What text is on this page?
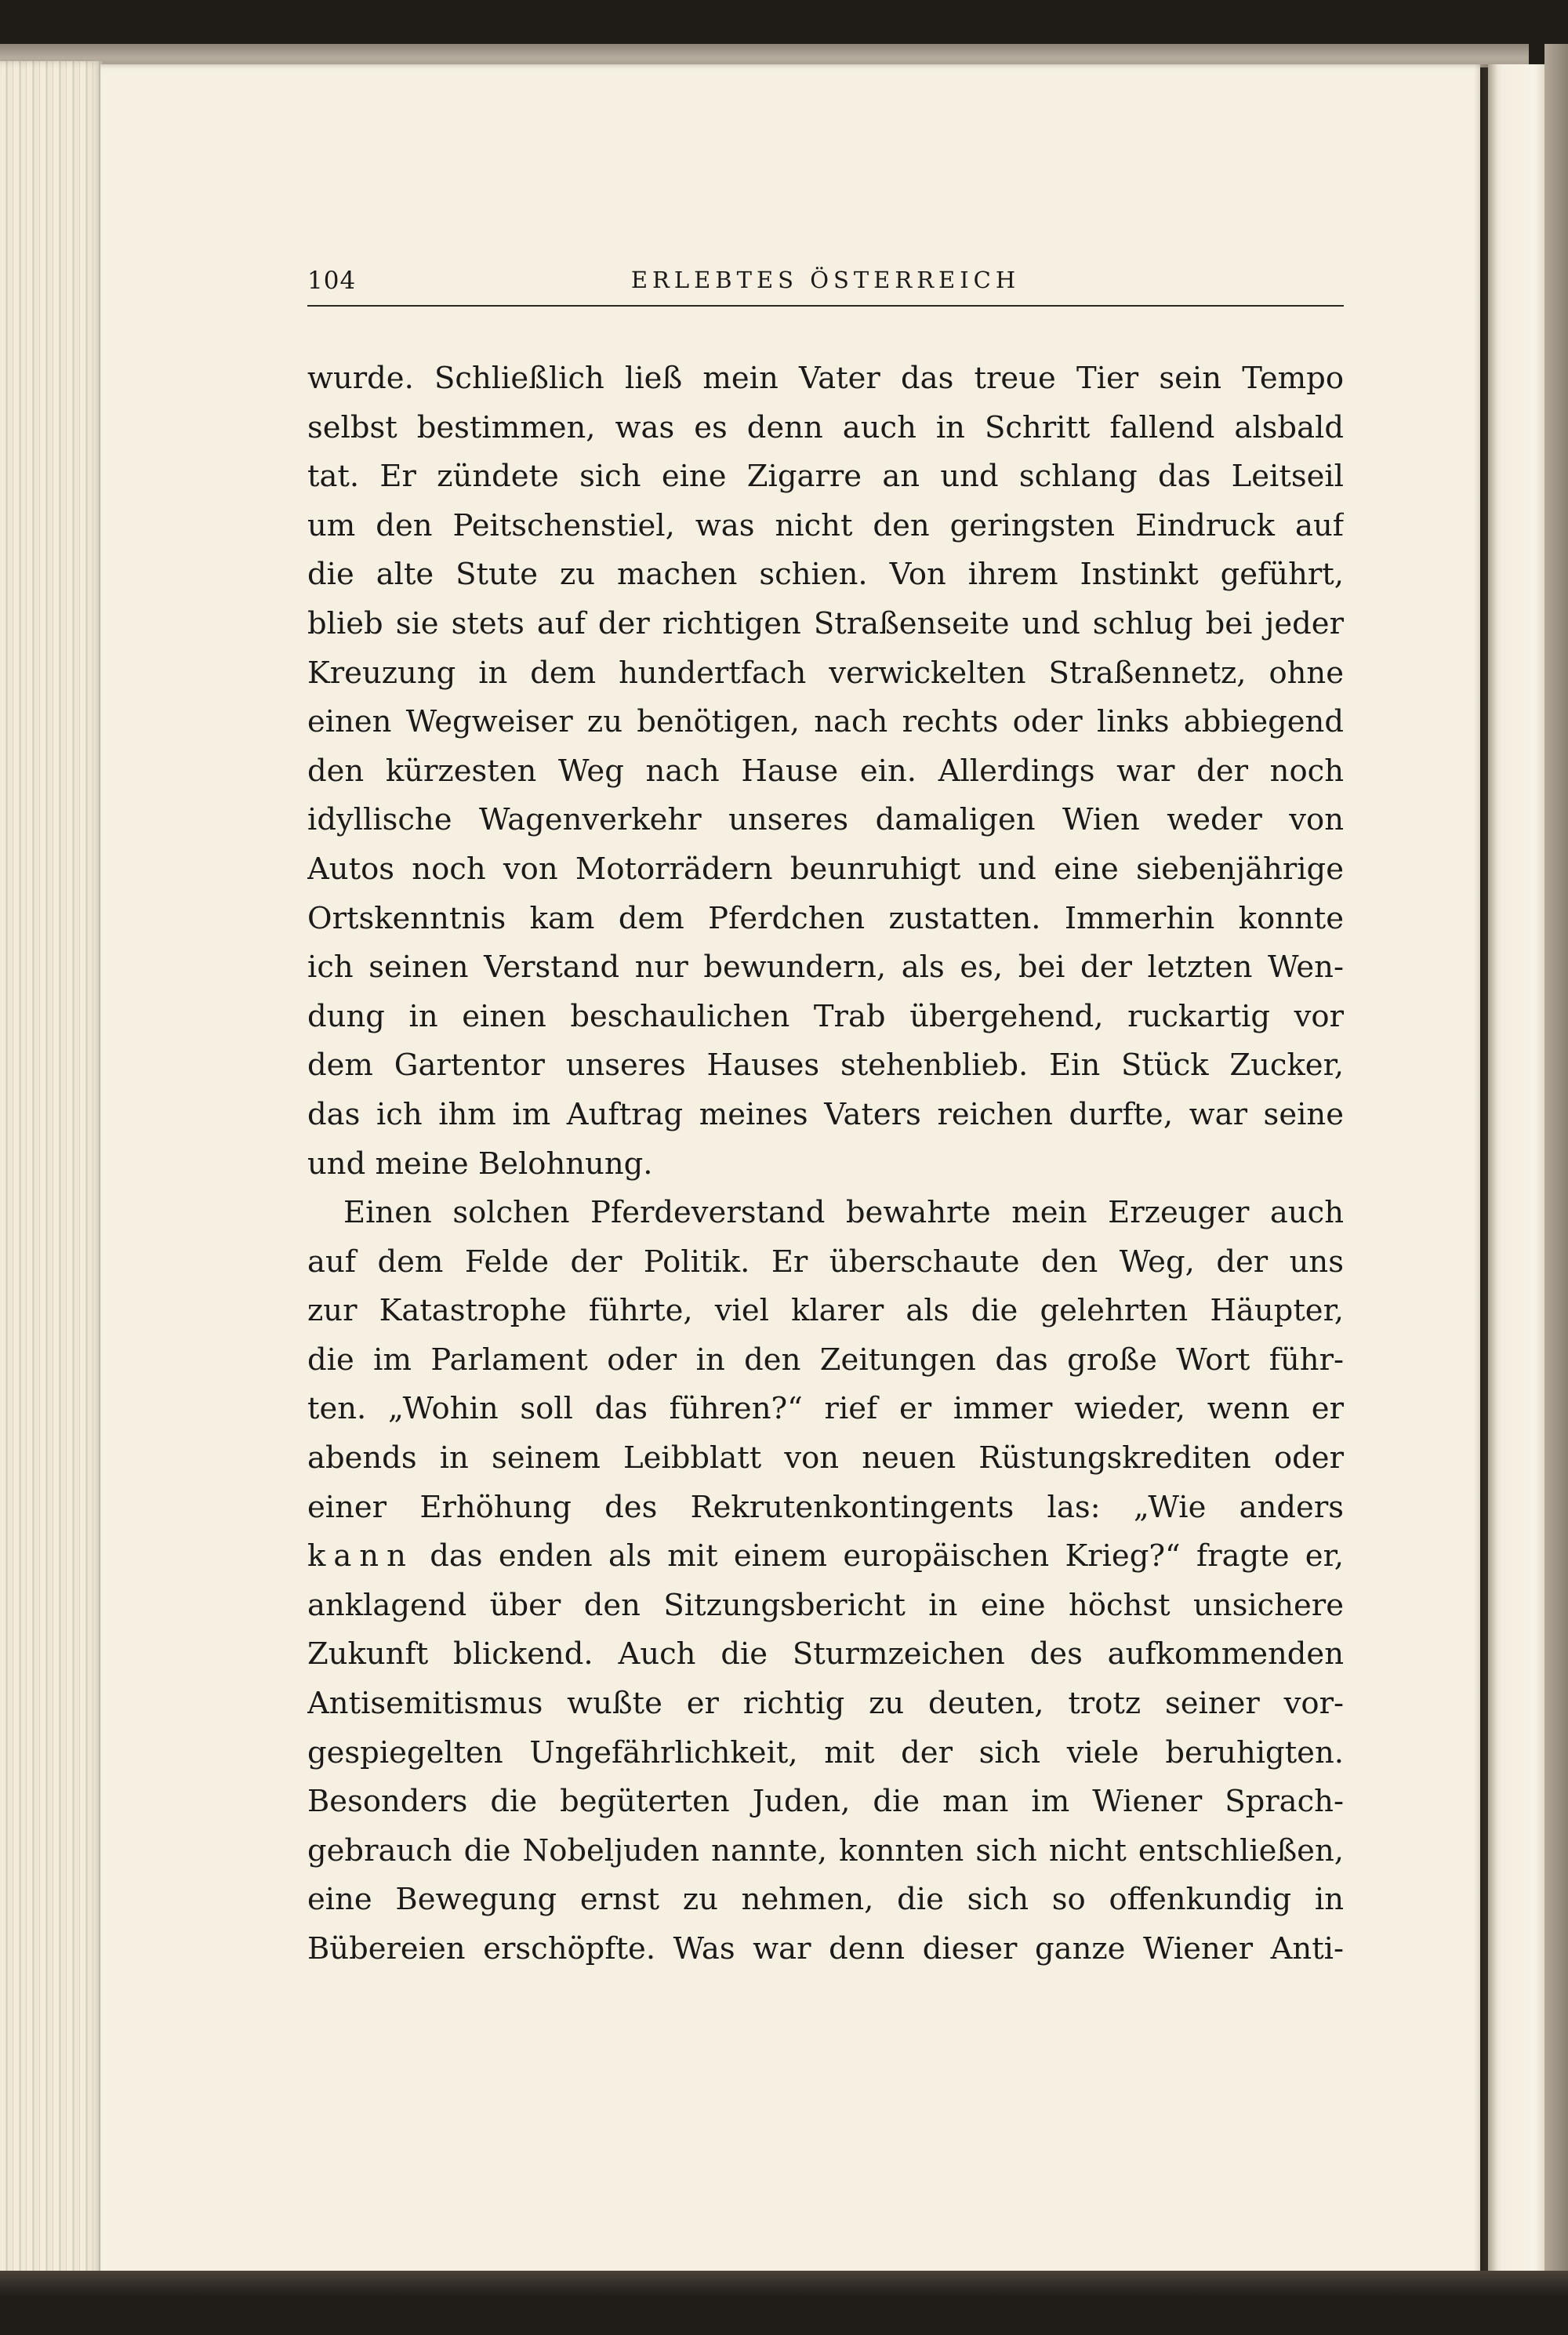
104	ERLEBTES ÖSTERREICH
wurde. Schließlich ließ mein Vater das treue Tier sein Tempo
selbst bestimmen, was es denn auch in Schritt fallend alsbald
tat. Er zündete sich eine Zigarre an und schlang das Leitseil
um den Peitschenstiel, was nicht den geringsten Eindruck auf
die alte Stute zu machen schien. Von ihrem Instinkt geführt,
blieb sie stets auf der richtigen Straßenseite und schlug bei jeder
Kreuzung in dem hundertfach verwickelten Straßennetz, ohne
einen Wegweiser zu benötigen, nach rechts oder links abbiegend
den kürzesten Weg nach Hause ein. Allerdings war der noch
idyllische Wagenverkehr unseres damaligen Wien weder von
Autos noch von Motorrädern beunruhigt und eine siebenjährige
Ortskenntnis kam dem Pferdchen zustatten. Immerhin konnte
ich seinen Verstand nur bewundern, als es, bei der letzten Wen-
dung in einen beschaulichen Trab übergehend, ruckartig vor
dem Gartentor unseres Hauses stehenblieb. Ein Stück Zucker,
das ich ihm im Auftrag meines Vaters reichen durfte, war seine
und meine Belohnung.
Einen solchen Pferdeverstand bewahrte mein Erzeuger auch
auf dem Felde der Politik. Er überschaute den Weg, der uns
zur Katastrophe führte, viel klarer als die gelehrten Häupter,
die im Parlament oder in den Zeitungen das große Wort führ-
ten. „Wohin soll das führen?“ rief er immer wieder, wenn er
abends in seinem Leibblatt von neuen Rüstungskrediten oder
einer Erhöhung des Rekrutenkontingents las: „Wie anders
kann das enden als mit einem europäischen Krieg?“ fragte er,
anklagend über den Sitzungsbericht in eine höchst unsichere
Zukunft blickend. Auch die Sturmzeichen des aufkommenden
Antisemitismus wußte er richtig zu deuten, trotz seiner vor-
gespiegelten Ungefährlichkeit, mit der sich viele beruhigten.
Besonders die begüterten Juden, die man im Wiener Sprach-
gebrauch die Nobeljuden nannte, konnten sich nicht entschließen,
eine Bewegung ernst zu nehmen, die sich so offenkundig in
Bübereien erschöpfte. Was war denn dieser ganze Wiener Anti-
